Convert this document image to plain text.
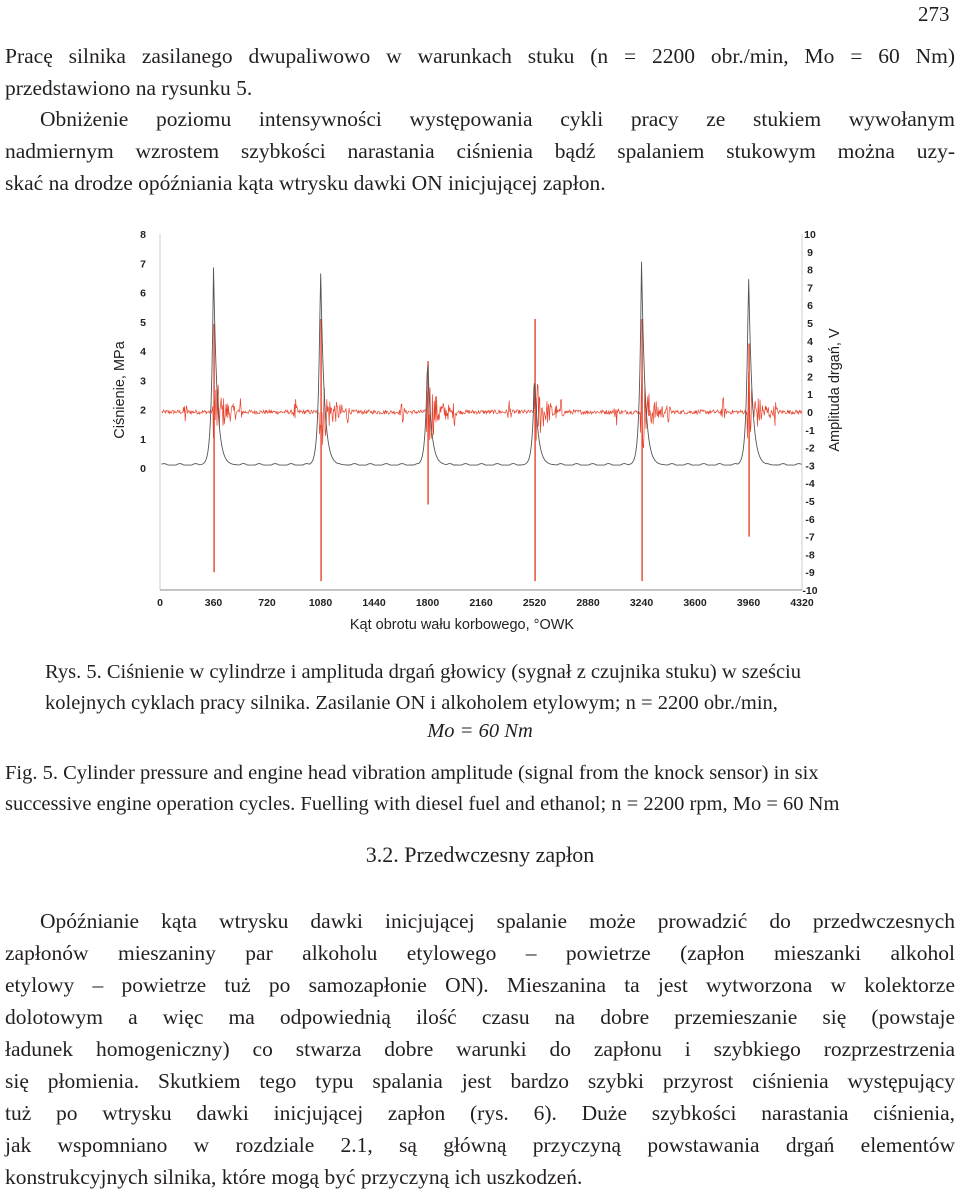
273
Pracę silnika zasilanego dwupaliwowo w warunkach stuku (n = 2200 obr./min, Mo = 60 Nm)
przedstawiono na rysunku 5.
Obniżenie poziomu intensywności występowania cykli pracy ze stukiem wywołanym
nadmiernym wzrostem szybkości narastania ciśnienia bądź spalaniem stukowym można uzy-
skać na drodze opóźniania kąta wtrysku dawki ON inicjującej zapłon.
8
7
6
5
4
3
2
1
0
10
9
8
7
6
5
4
3
2
1
0
-1
-2
-3
-4
-5
-6
-7
-8
-9
-10
0	360	720	1080	1440	1800	2160	2520	2880	3240	3600	3960	4320
Ciśnienie, MPa	Amplituda drgań, V
Kąt obrotu wału korbowego, °OWK
Rys. 5. Ciśnienie w cylindrze i amplituda drgań głowicy (sygnał z czujnika stuku) w sześciu
kolejnych cyklach pracy silnika. Zasilanie ON i alkoholem etylowym; n = 2200 obr./min,
Mo = 60 Nm
Fig. 5. Cylinder pressure and engine head vibration amplitude (signal from the knock sensor) in six
successive engine operation cycles. Fuelling with diesel fuel and ethanol; n = 2200 rpm, Mo = 60 Nm
3.2. Przedwczesny zapłon
Opóźnianie kąta wtrysku dawki inicjującej spalanie może prowadzić do przedwczesnych
zapłonów mieszaniny par alkoholu etylowego – powietrze (zapłon mieszanki alkohol
etylowy – powietrze tuż po samozapłonie ON). Mieszanina ta jest wytworzona w kolektorze
dolotowym a więc ma odpowiednią ilość czasu na dobre przemieszanie się (powstaje
ładunek homogeniczny) co stwarza dobre warunki do zapłonu i szybkiego rozprzestrzenia
się płomienia. Skutkiem tego typu spalania jest bardzo szybki przyrost ciśnienia występujący
tuż po wtrysku dawki inicjującej zapłon (rys. 6). Duże szybkości narastania ciśnienia,
jak wspomniano w rozdziale 2.1, są główną przyczyną powstawania drgań elementów
konstrukcyjnych silnika, które mogą być przyczyną ich uszkodzeń.
